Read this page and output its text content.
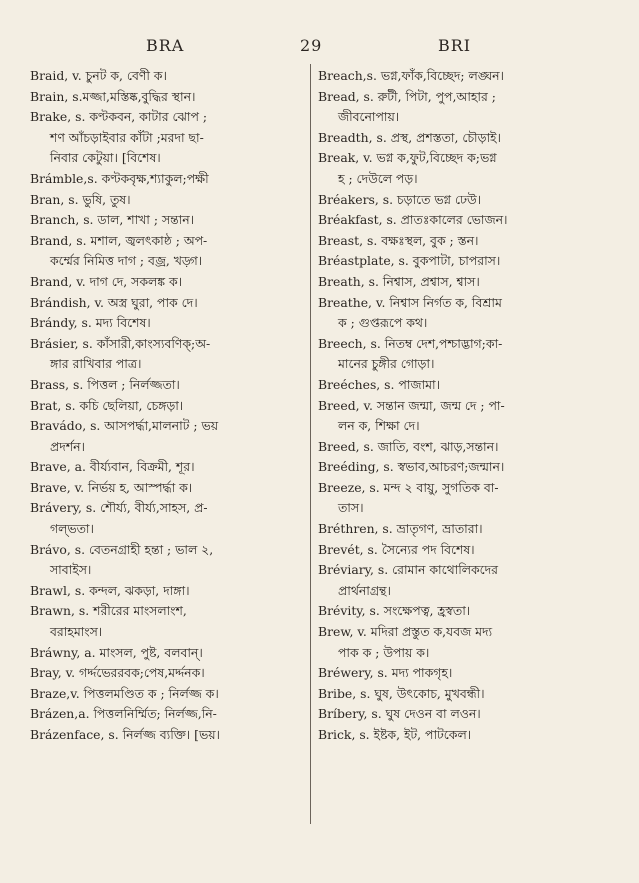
BRA	29	BRI
Braid, v. চুনট ক, বেণী ক।
Brain, s.মজ্জা,মস্তিষ্ক,বুদ্ধির স্থান।
Brake, s. কণ্টকবন, কাটার ঝোপ ;
শণ আঁচড়াইবার কাঁটা ;মরদা ছা-
নিবার কেটুয়া। [বিশেষ।
Brámble,s. কণ্টকবৃক্ষ,শ্যাকুল;পক্ষী
Bran, s. ভুষি, তুষ।
Branch, s. ডাল, শাখা ; সন্তান।
Brand, s. মশাল, জ্বলৎকাষ্ঠ ; অপ-
কর্ম্মের নিমিত্ত দাগ ; বজ্র, খড়্গ।
Brand, v. দাগ দে, সকলঙ্ক ক।
Brándish, v. অস্ত্র ঘুরা, পাক দে।
Brándy, s. মদ্য বিশেষ।
Brásier, s. কাঁসারী,কাংস্যবণিক্;অ-
ঙ্গার রাখিবার পাত্র।
Brass, s. পিত্তল ; নির্লজ্জতা।
Brat, s. কচি ছেলিয়া, চেঙ্গড়া।
Bravádo, s. আসপর্দ্ধা,মালনাট ; ভয়
প্রদর্শন।
Brave, a. বীর্য্যবান, বিক্রমী, শূর।
Brave, v. নির্ভয় হ, আস্পর্দ্ধা ক।
Brávery, s. শৌর্য্য, বীর্য্য,সাহস, প্র-
গল্ভতা।
Brávo, s. বেতনগ্রাহী হন্তা ; ভাল ২,
সাবাইস।
Brawl, s. কন্দল, ঝকড়া, দাঙ্গা।
Brawn, s. শরীরের মাংসলাংশ,
বরাহমাংস।
Bráwny, a. মাংসল, পুষ্ট, বলবান্।
Bray, v. গৰ্দ্দভেররবক;পেষ,মৰ্দ্দনক।
Braze,v. পিত্তলমণ্ডিত ক ; নির্লজ্জ ক।
Brázen,a. পিত্তলনির্ম্মিত; নির্লজ্জ,নি-
Brázenface, s. নির্লজ্জ ব্যক্তি। [ভয়।
Breach,s. ভগ্ন,ফাঁক,বিচ্ছেদ; লঙ্ঘন।
Bread, s. রুটী, পিটা, পুপ,আহার ;
জীবনোপায়।
Breadth, s. প্রস্থ, প্রশস্ততা, চৌড়াই।
Break, v. ভগ্ন ক,ফুট,বিচ্ছেদ ক;ভগ্ন
হ ; দেউলে পড়।
Bréakers, s. চড়াতে ভগ্ন ঢেউ।
Bréakfast, s. প্রাতঃকালের ভোজন।
Breast, s. বক্ষঃস্থল, বুক ; স্তন।
Bréastplate, s. বুকপাটা, চাপরাস।
Breath, s. নিশ্বাস, প্রশ্বাস, শ্বাস।
Breathe, v. নিশ্বাস নির্গত ক, বিশ্রাম
ক ; গুপ্তরূপে কথ।
Breech, s. নিতম্ব দেশ,পশ্চাদ্ভাগ;কা-
মানের চুঙ্গীর গোড়া।
Breéches, s. পাজামা।
Breed, v. সন্তান জন্মা, জন্ম দে ; পা-
লন ক, শিক্ষা দে।
Breed, s. জাতি, বংশ, ঝাড়,সন্তান।
Breéding, s. স্বভাব,আচরণ;জন্মান।
Breeze, s. মন্দ ২ বায়ু, সুগতিক বা-
তাস।
Bréthren, s. ভ্রাতৃগণ, ভ্রাতারা।
Brevét, s. সৈন্যের পদ বিশেষ।
Bréviary, s. রোমান কাথোলিকদের
প্রার্থনাগ্রন্থ।
Brévity, s. সংক্ষেপত্ব, হ্রস্বতা।
Brew, v. মদিরা প্রস্তুত ক,যবজ মদ্য
পাক ক ; উপায় ক।
Bréwery, s. মদ্য পাকগৃহ।
Bribe, s. ঘুষ, উৎকোচ, মুখবন্ধী।
Bríbery, s. ঘুষ দেওন বা লওন।
Brick, s. ইষ্টক, ইট, পাটকেল।
